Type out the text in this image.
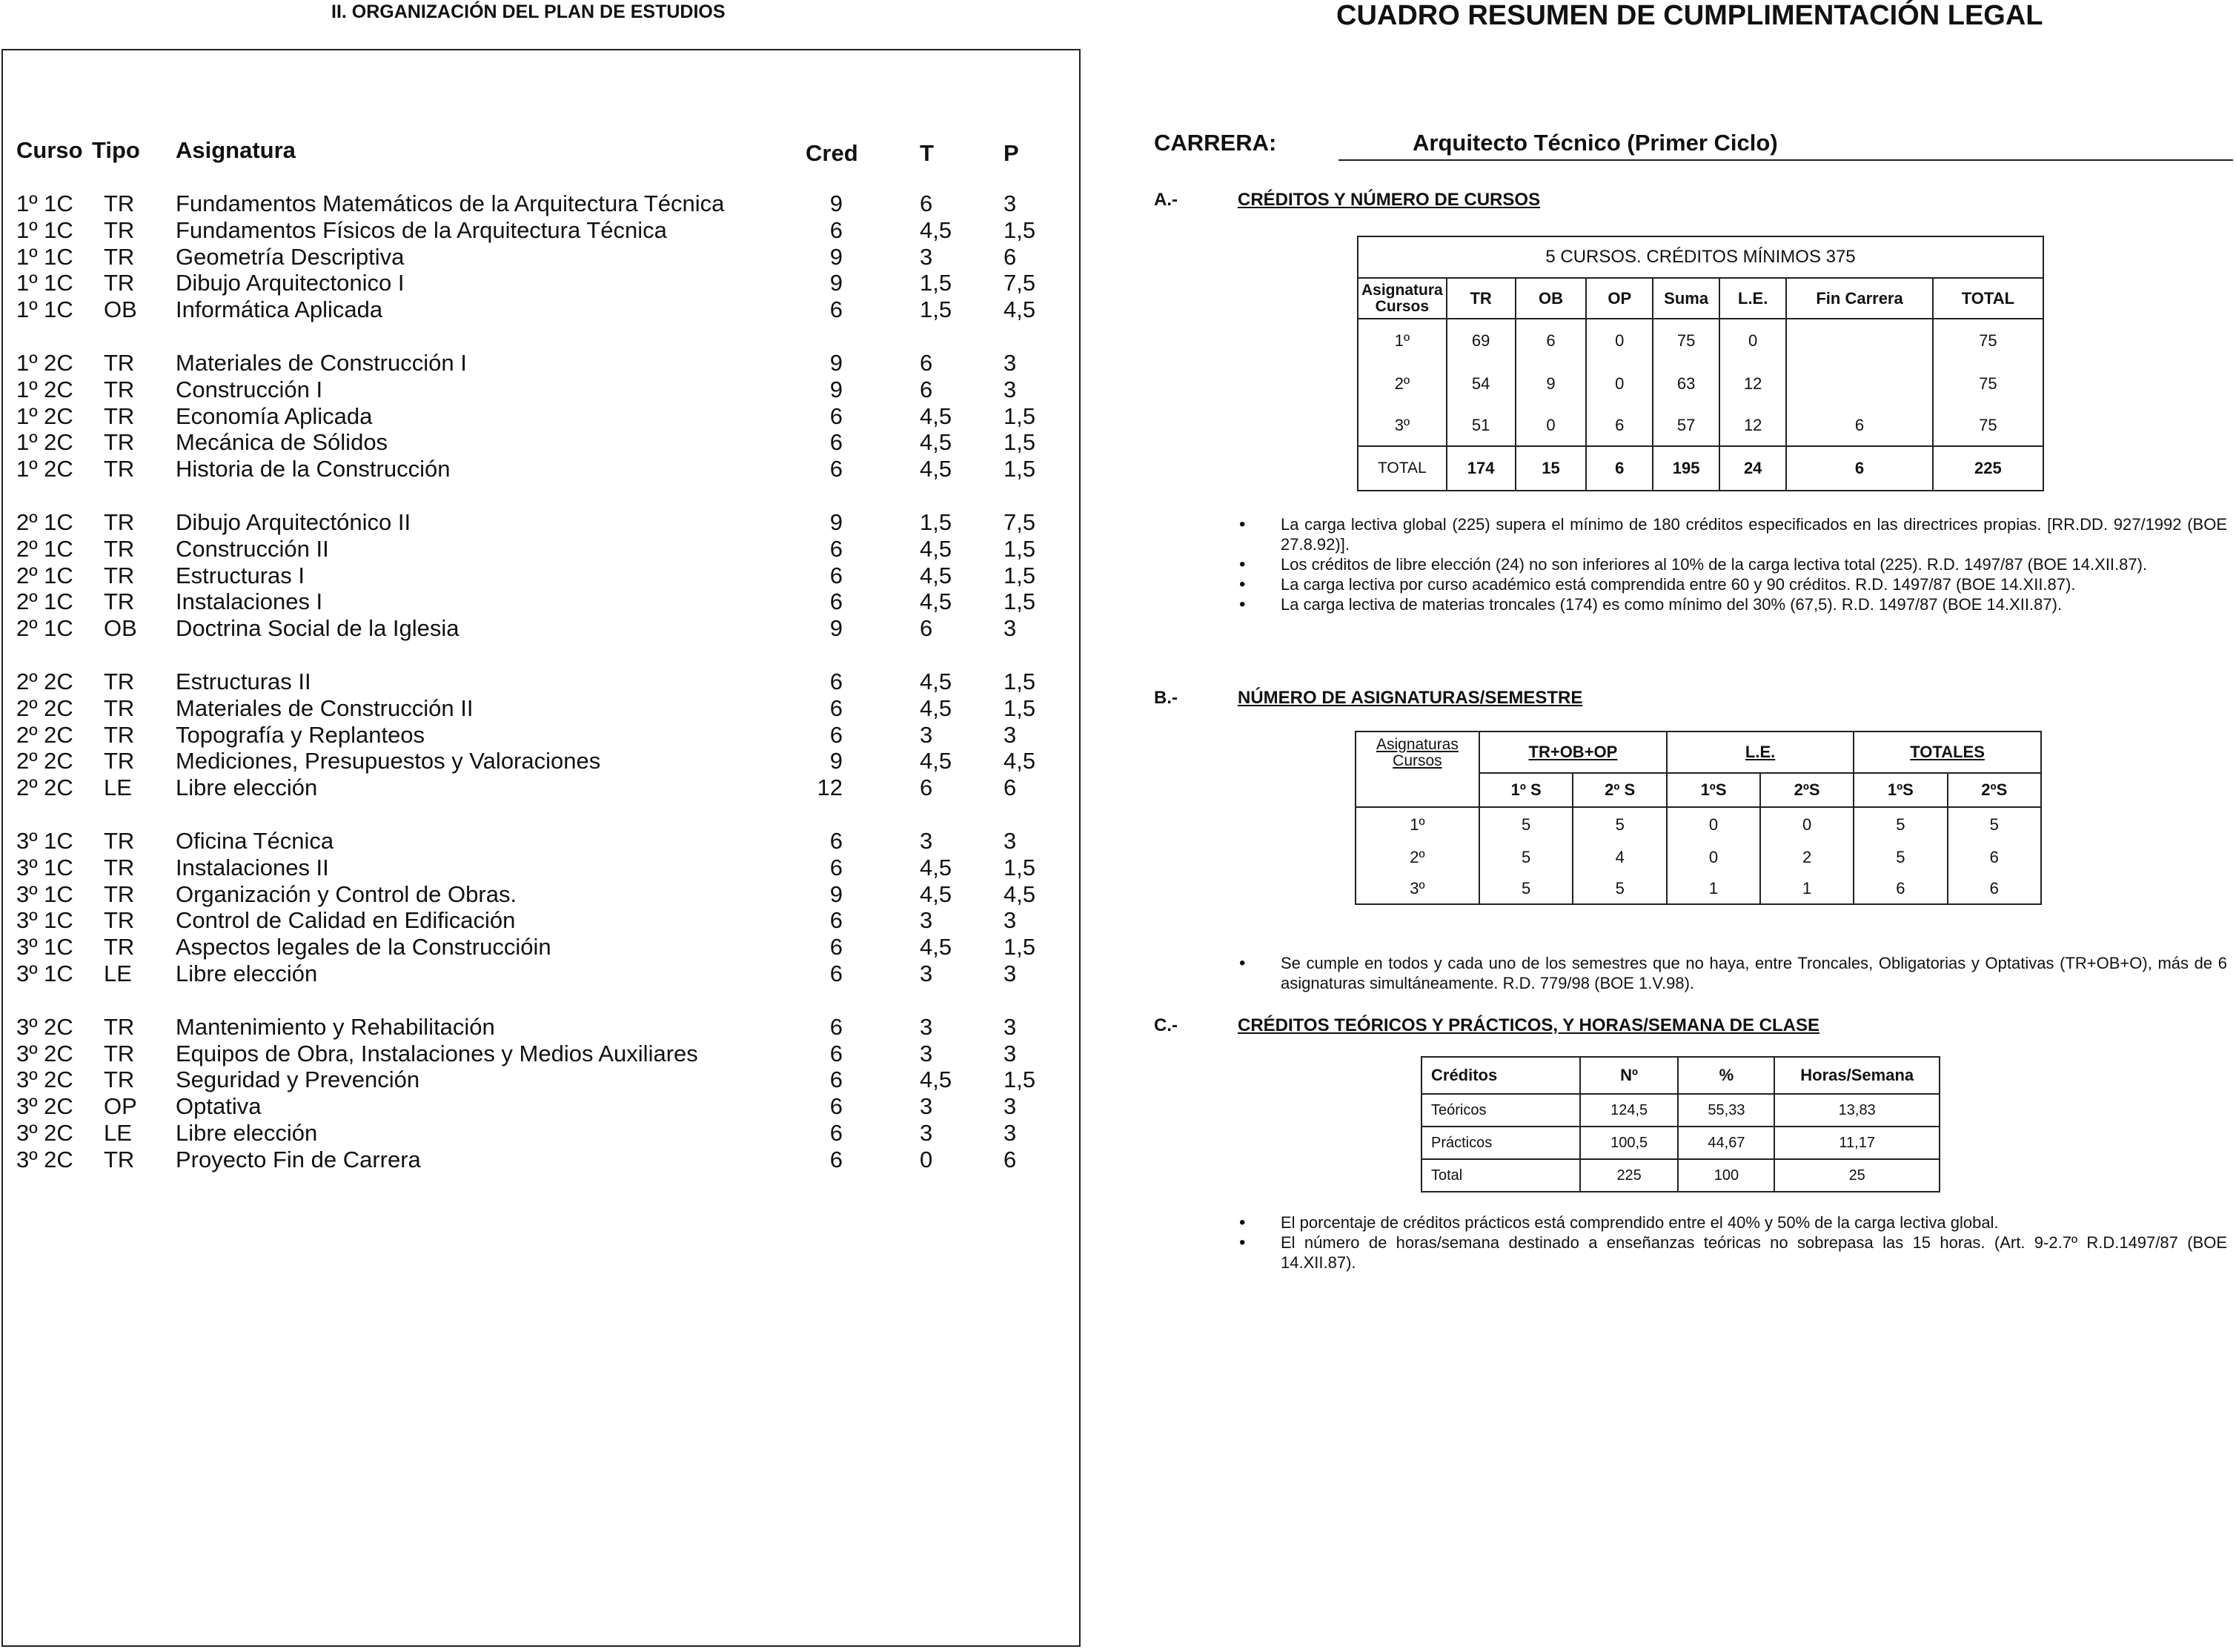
II. ORGANIZACIÓN DEL PLAN DE ESTUDIOS
Curso Tipo Asignatura	Cred	T	P
1º 1C TR Fundamentos Matemáticos de la Arquitectura Técnica	9	6	3
1º 1C TR Fundamentos Físicos de la Arquitectura Técnica	6	4,5 1,5
1º 1C TR Geometría Descriptiva	9	3	6
1º 1C TR Dibujo Arquitectonico I	9	1,5 7,5
1º 1C OB Informática Aplicada	6	1,5 4,5
1º 2C TR Materiales de Construcción I	9	6	3
1º 2C TR Construcción I	9	6	3
1º 2C TR Economía Aplicada	6	4,5 1,5
1º 2C TR Mecánica de Sólidos	6	4,5 1,5
1º 2C TR Historia de la Construcción	6	4,5 1,5
2º 1C TR Dibujo Arquitectónico II	9	1,5 7,5
2º 1C TR Construcción II	6	4,5 1,5
2º 1C TR Estructuras I	6	4,5 1,5
2º 1C TR Instalaciones I	6	4,5 1,5
2º 1C OB Doctrina Social de la Iglesia	9	6	3
2º 2C TR Estructuras II	6	4,5 1,5
2º 2C TR Materiales de Construcción II	6	4,5 1,5
2º 2C TR Topografía y Replanteos	6	3	3
2º 2C TR Mediciones, Presupuestos y Valoraciones	9	4,5 4,5
2º 2C LE Libre elección	12	6	6
3º 1C TR Oficina Técnica	6	3	3
3º 1C TR Instalaciones II	6	4,5 1,5
3º 1C TR Organización y Control de Obras.	9	4,5 4,5
3º 1C TR Control de Calidad en Edificación	6	3	3
3º 1C TR Aspectos legales de la Construccióin	6	4,5 1,5
3º 1C LE Libre elección	6	3	3
3º 2C TR Mantenimiento y Rehabilitación	6	3	3
3º 2C TR Equipos de Obra, Instalaciones y Medios Auxiliares	6	3	3
3º 2C TR Seguridad y Prevención	6	4,5 1,5
3º 2C OP Optativa	6	3	3
3º 2C LE Libre elección	6	3	3
3º 2C TR Proyecto Fin de Carrera	6	0	6
CUADRO RESUMEN DE CUMPLIMENTACIÓN LEGAL
CARRERA:	Arquitecto Técnico (Primer Ciclo)
A.-	CRÉDITOS Y NÚMERO DE CURSOS
5 CURSOS. CRÉDITOS MÍNIMOS 375							
Asignatura
Cursos	TR	OB	OP	Suma	L.E.	Fin Carrera	TOTAL
1º	69	6	0	75	0		75
2º	54	9	0	63	12		75
3º	51	0	6	57	12	6	75
TOTAL	174	15	6	195	24	6	225
• La carga lectiva global (225) supera el mínimo de 180 créditos especificados en las directrices propias. [RR.DD. 927/1992 (BOE 27.8.92)].
• Los créditos de libre elección (24) no son inferiores al 10% de la carga lectiva total (225). R.D. 1497/87 (BOE 14.XII.87).
• La carga lectiva por curso académico está comprendida entre 60 y 90 créditos. R.D. 1497/87 (BOE 14.XII.87).
• La carga lectiva de materias troncales (174) es como mínimo del 30% (67,5). R.D. 1497/87 (BOE 14.XII.87).
B.-	NÚMERO DE ASIGNATURAS/SEMESTRE
Asignaturas
Cursos	TR+OB+OP		L.E.		TOTALES	
	1º S	2º S	1ºS	2ºS	1ºS	2ºS
1º	5	5	0	0	5	5
2º	5	4	0	2	5	6
3º	5	5	1	1	6	6
• Se cumple en todos y cada uno de los semestres que no haya, entre Troncales, Obligatorias y Optativas (TR+OB+O), más de 6 asignaturas simultáneamente. R.D. 779/98 (BOE 1.V.98).
C.-	CRÉDITOS TEÓRICOS Y PRÁCTICOS, Y HORAS/SEMANA DE CLASE
Créditos	Nº	%	Horas/Semana
Teóricos	124,5	55,33	13,83
Prácticos	100,5	44,67	11,17
Total	225	100	25
• El porcentaje de créditos prácticos está comprendido entre el 40% y 50% de la carga lectiva global.
• El número de horas/semana destinado a enseñanzas teóricas no sobrepasa las 15 horas. (Art. 9-2.7º R.D.1497/87 (BOE 14.XII.87).
